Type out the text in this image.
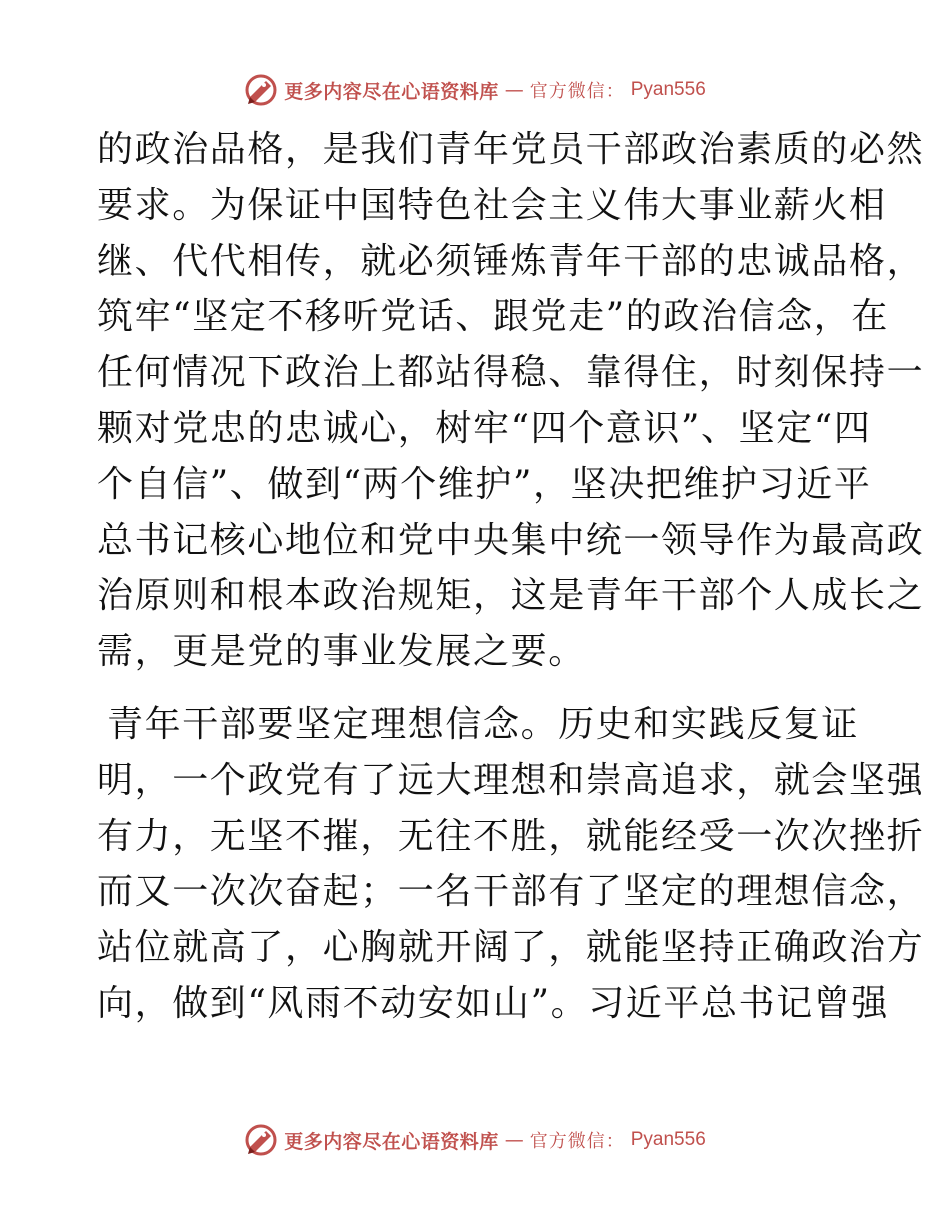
更多内容尽在心语资料库 — 官方微信： Pyan556

的政治品格，是我们青年党员干部政治素质的必然
要求。为保证中国特色社会主义伟大事业薪火相
继、代代相传，就必须锤炼青年干部的忠诚品格，
筑牢“坚定不移听党话、跟党走”的政治信念，在
任何情况下政治上都站得稳、靠得住，时刻保持一
颗对党忠的忠诚心，树牢“四个意识”、坚定“四
个自信”、做到“两个维护”，坚决把维护习近平
总书记核心地位和党中央集中统一领导作为最高政
治原则和根本政治规矩，这是青年干部个人成长之
需，更是党的事业发展之要。

青年干部要坚定理想信念。历史和实践反复证
明，一个政党有了远大理想和崇高追求，就会坚强
有力，无坚不摧，无往不胜，就能经受一次次挫折
而又一次次奋起；一名干部有了坚定的理想信念，
站位就高了，心胸就开阔了，就能坚持正确政治方
向，做到“风雨不动安如山”。习近平总书记曾强

更多内容尽在心语资料库 — 官方微信： Pyan556
